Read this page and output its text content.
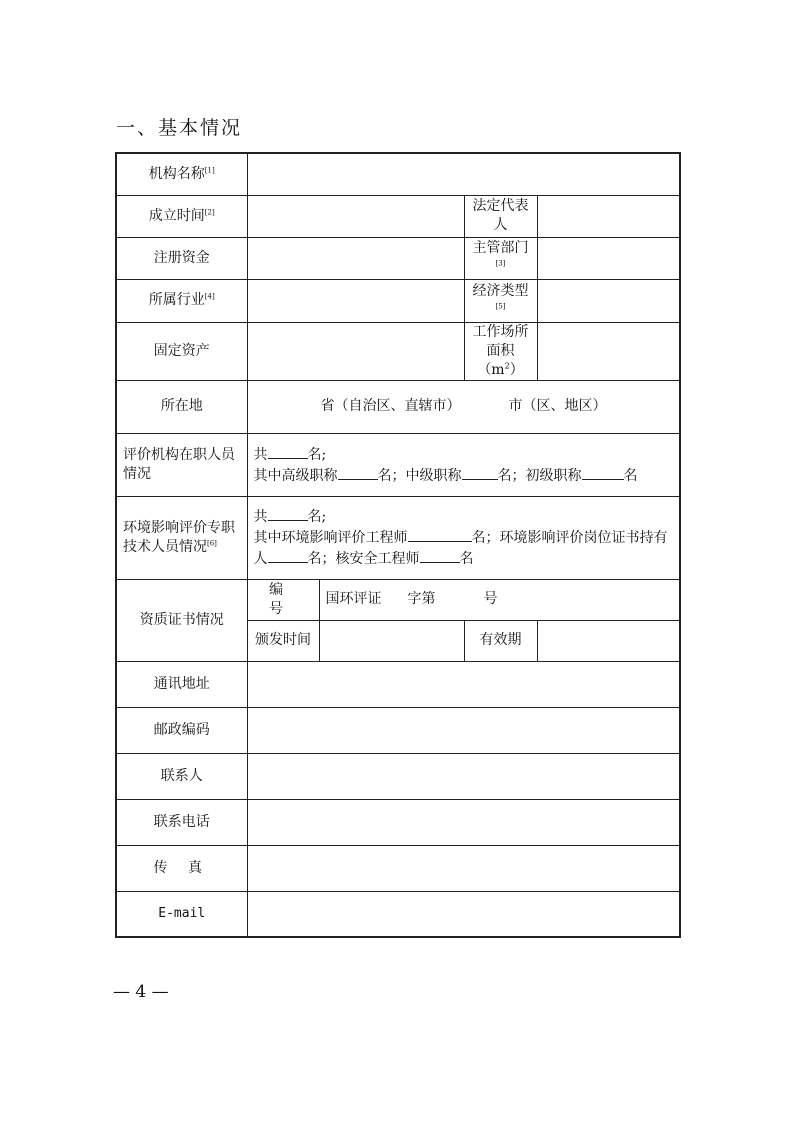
一、基本情况
机构名称[1]	
成立时间[2]			法定代表人	
注册资金			主管部门[3]	
所属行业[4]			经济类型[5]	
固定资产			工作场所
面积$(m^2)$	

所在地	省（自治区、直辖市） 市（区、地区）			
评价机构在职人员情况	共 名;
其中高级职称 名；中级职称 名；初级职称 名			

环境影响评价专职技术人员情况[6]	共 名;
其中环境影响评价工程师 名；环境影响评价岗位证书持有
人 名；核安全工程师 名			

资质证书情况	编 号	国环评证 字第 号		
	颁发时间		有效期	
通讯地址				
邮政编码				
联系人				
联系电话				
传 真				
E-mail				
— 4 —
